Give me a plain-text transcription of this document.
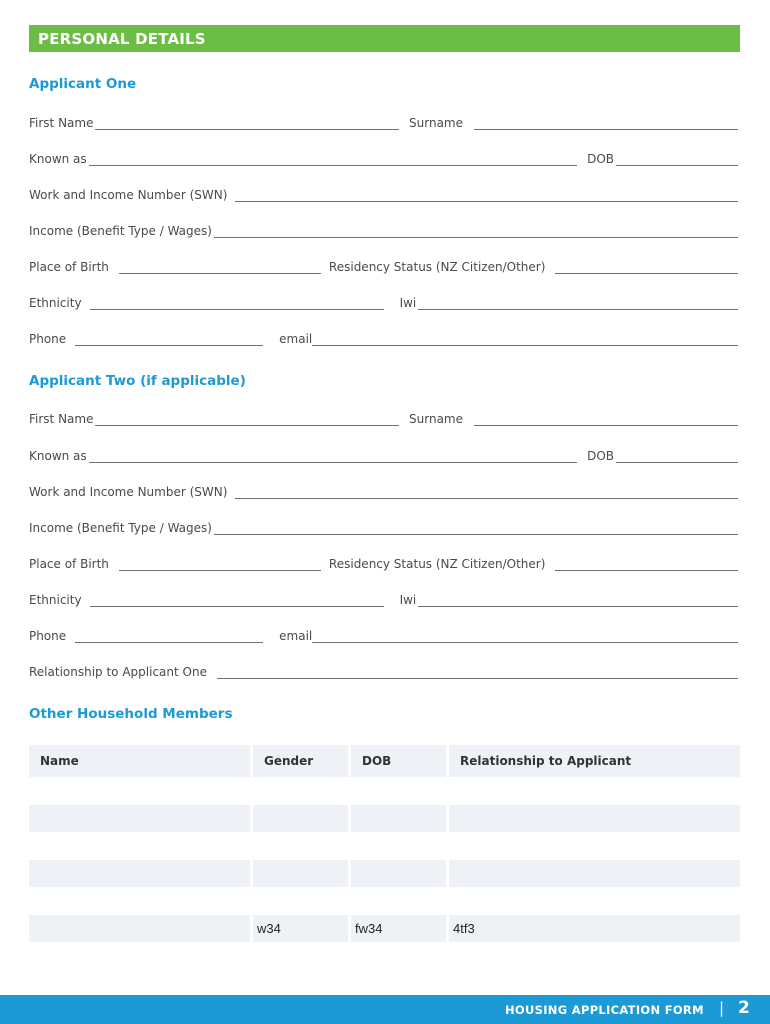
PERSONAL DETAILS
Applicant One
First Name	Surname
Known as	DOB
Work and Income Number (SWN)
Income (Benefit Type / Wages)
Place of Birth	Residency Status (NZ Citizen/Other)
Ethnicity	Iwi
Phone	email
Applicant Two (if applicable)
First Name	Surname
Known as	DOB
Work and Income Number (SWN)
Income (Benefit Type / Wages)
Place of Birth	Residency Status (NZ Citizen/Other)
Ethnicity	Iwi
Phone	email
Relationship to Applicant One
Other Household Members
Name	Gender	DOB	Relationship to Applicant

	w34	fw34	4tf3
HOUSING APPLICATION FORM | 2
